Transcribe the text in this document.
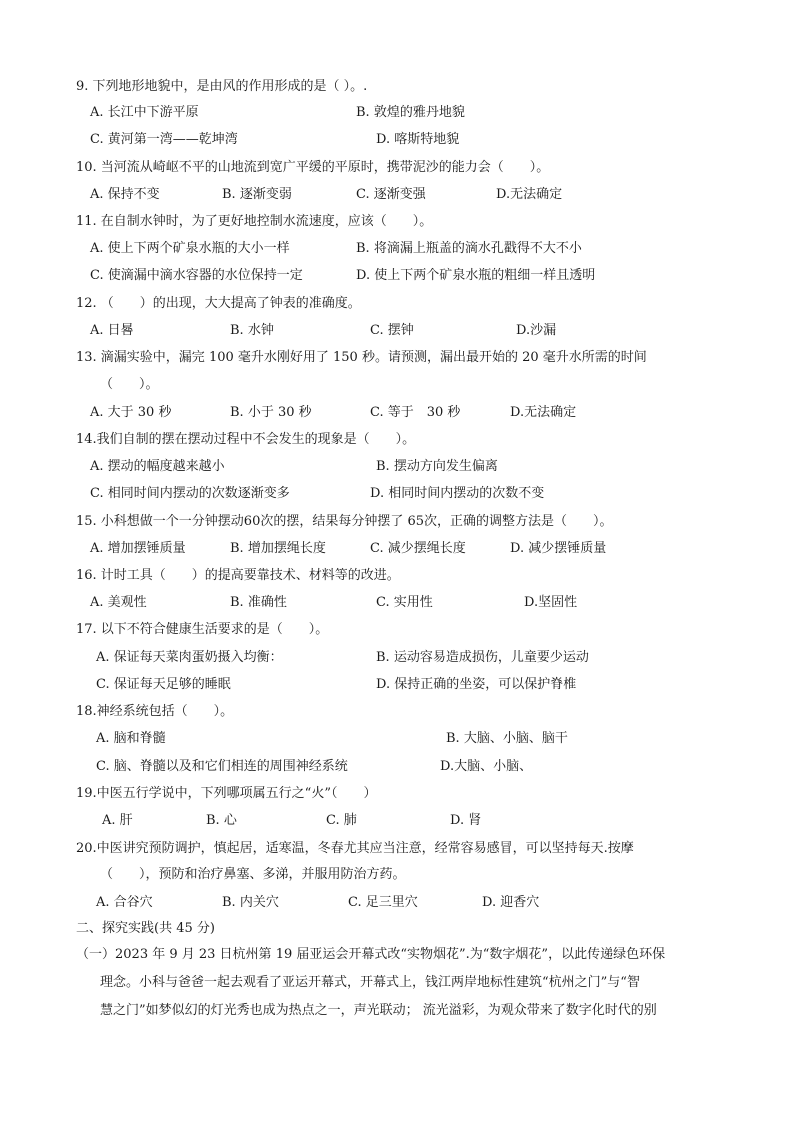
9. 下列地形地貌中，是由风的作用形成的是（ ）。.
A. 长江中下游平原	B. 敦煌的雅丹地貌
C. 黄河第一湾——乾坤湾	D. 喀斯特地貌
10. 当河流从崎岖不平的山地流到宽广平缓的平原时，携带泥沙的能力会（　　）。
A. 保持不变	B. 逐渐变弱	C. 逐渐变强	D.无法确定
11. 在自制水钟时，为了更好地控制水流速度，应该（　　）。
A. 使上下两个矿泉水瓶的大小一样	B. 将滴漏上瓶盖的滴水孔戳得不大不小
C. 使滴漏中滴水容器的水位保持一定	D. 使上下两个矿泉水瓶的粗细一样且透明
12. （　　）的出现，大大提高了钟表的准确度。
A. 日晷	B. 水钟	C. 摆钟	D.沙漏
13. 滴漏实验中，漏完 100 毫升水刚好用了 150 秒。请预测，漏出最开始的 20 毫升水所需的时间
（　　）。
A. 大于 30 秒	B. 小于 30 秒	C. 等于　30 秒	D.无法确定
14.我们自制的摆在摆动过程中不会发生的现象是（　　）。
A. 摆动的幅度越来越小	B. 摆动方向发生偏离
C. 相同时间内摆动的次数逐渐变多	D. 相同时间内摆动的次数不变
15. 小科想做一个一分钟摆动60次的摆，结果每分钟摆了 65次，正确的调整方法是（　　）。
A. 增加摆锤质量	B. 增加摆绳长度	C. 减少摆绳长度	D. 减少摆锤质量
16. 计时工具（　　）的提高要靠技术、材料等的改进。
A. 美观性	B. 准确性	C. 实用性	D.坚固性
17. 以下不符合健康生活要求的是（　　）。
A. 保证每天菜肉蛋奶摄入均衡：	B. 运动容易造成损伤，儿童要少运动
C. 保证每天足够的睡眠	D. 保持正确的坐姿，可以保护脊椎
18.神经系统包括（　　）。
A. 脑和脊髓	B. 大脑、小脑、脑干
C. 脑、脊髓以及和它们相连的周围神经系统	D.大脑、小脑、
19.中医五行学说中，下列哪项属五行之“火”（　　）
A. 肝	B. 心	C. 肺	D. 肾
20.中医讲究预防调护，慎起居，适寒温，冬春尤其应当注意，经常容易感冒，可以坚持每天.按摩
（　　），预防和治疗鼻塞、多涕，并服用防治方药。
A. 合谷穴	B. 内关穴	C. 足三里穴	D. 迎香穴
二、探究实践(共 45 分)
（一）2023 年 9 月 23 日杭州第 19 届亚运会开幕式改“实物烟花”.为“数字烟花”，以此传递绿色环保
理念。小科与爸爸一起去观看了亚运开幕式，开幕式上，钱江两岸地标性建筑“杭州之门”与“智
慧之门”如梦似幻的灯光秀也成为热点之一，声光联动； 流光溢彩，为观众带来了数字化时代的别
